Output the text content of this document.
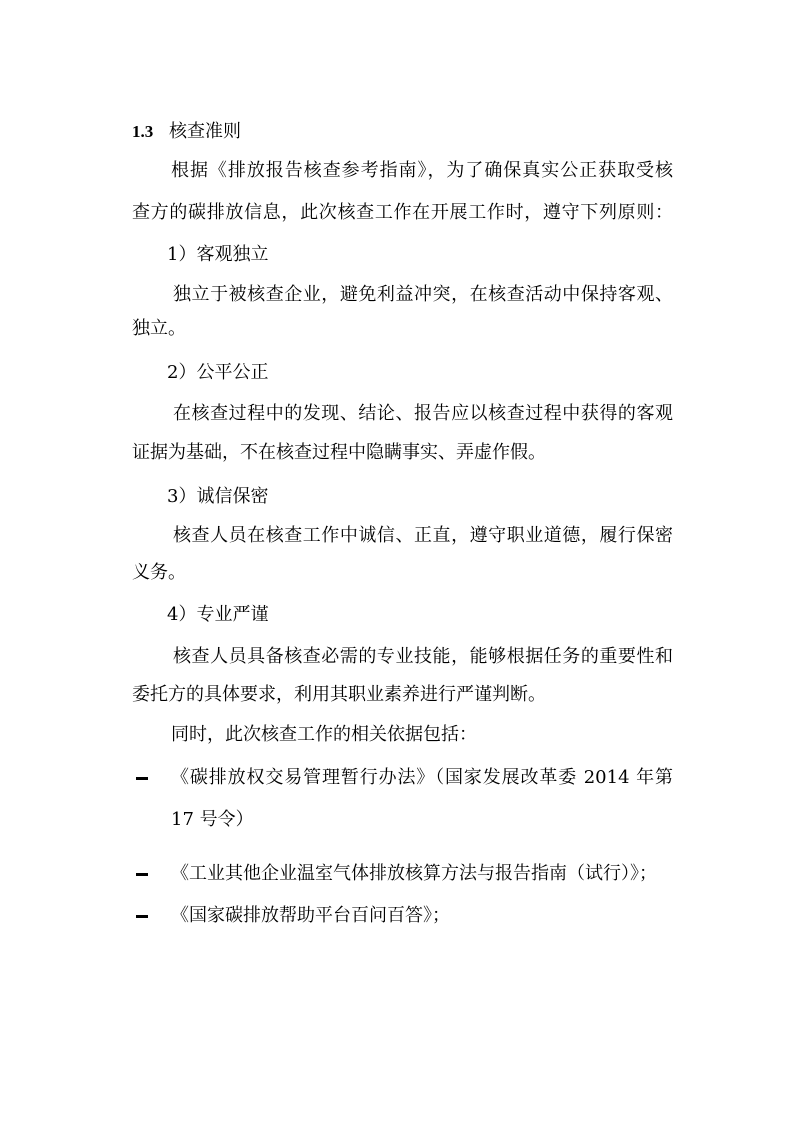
1.3 核查准则
根据《排放报告核查参考指南》，为了确保真实公正获取受核
查方的碳排放信息，此次核查工作在开展工作时，遵守下列原则：
1）客观独立
独立于被核查企业，避免利益冲突，在核查活动中保持客观、
独立。
2）公平公正
在核查过程中的发现、结论、报告应以核查过程中获得的客观
证据为基础，不在核查过程中隐瞒事实、弄虚作假。
3）诚信保密
核查人员在核查工作中诚信、正直，遵守职业道德，履行保密
义务。
4）专业严谨
核查人员具备核查必需的专业技能，能够根据任务的重要性和
委托方的具体要求，利用其职业素养进行严谨判断。
同时，此次核查工作的相关依据包括：
《碳排放权交易管理暂行办法》（国家发展改革委 2014 年第
17 号令）
《工业其他企业温室气体排放核算方法与报告指南（试行）》；
《国家碳排放帮助平台百问百答》；
